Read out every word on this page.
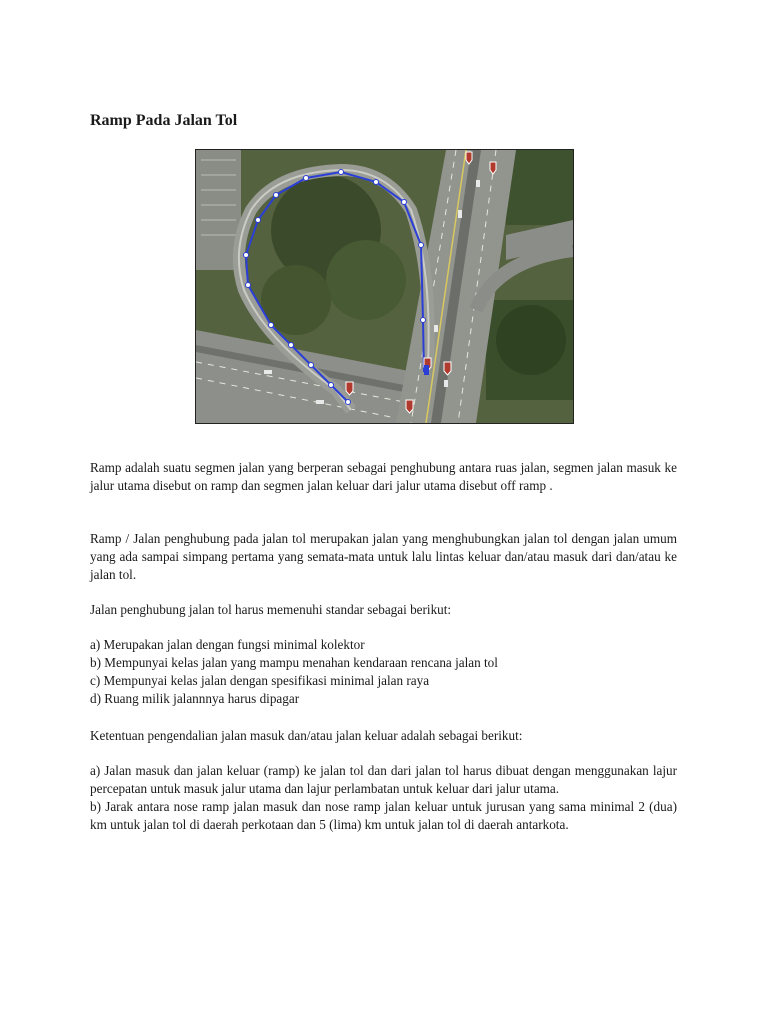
Ramp Pada Jalan Tol
Ramp adalah suatu segmen jalan yang berperan sebagai penghubung antara ruas jalan, segmen jalan masuk ke jalur utama disebut on ramp dan segmen jalan keluar dari jalur utama disebut off ramp .
Ramp / Jalan penghubung pada jalan tol merupakan jalan yang menghubungkan jalan tol dengan jalan umum yang ada sampai simpang pertama yang semata-mata untuk lalu lintas keluar dan/atau masuk dari dan/atau ke jalan tol.
Jalan penghubung jalan tol harus memenuhi standar sebagai berikut:

a) Merupakan jalan dengan fungsi minimal kolektor

b) Mempunyai kelas jalan yang mampu menahan kendaraan rencana jalan tol

c) Mempunyai kelas jalan dengan spesifikasi minimal jalan raya

d) Ruang milik jalannnya harus dipagar

Ketentuan pengendalian jalan masuk dan/atau jalan keluar adalah sebagai berikut:

a) Jalan masuk dan jalan keluar (ramp) ke jalan tol dan dari jalan tol harus dibuat dengan menggunakan lajur percepatan untuk masuk jalur utama dan lajur perlambatan untuk keluar dari jalur utama.

b) Jarak antara nose ramp jalan masuk dan nose ramp jalan keluar untuk jurusan yang sama minimal 2 (dua) km untuk jalan tol di daerah perkotaan dan 5 (lima) km untuk jalan tol di daerah antarkota.
